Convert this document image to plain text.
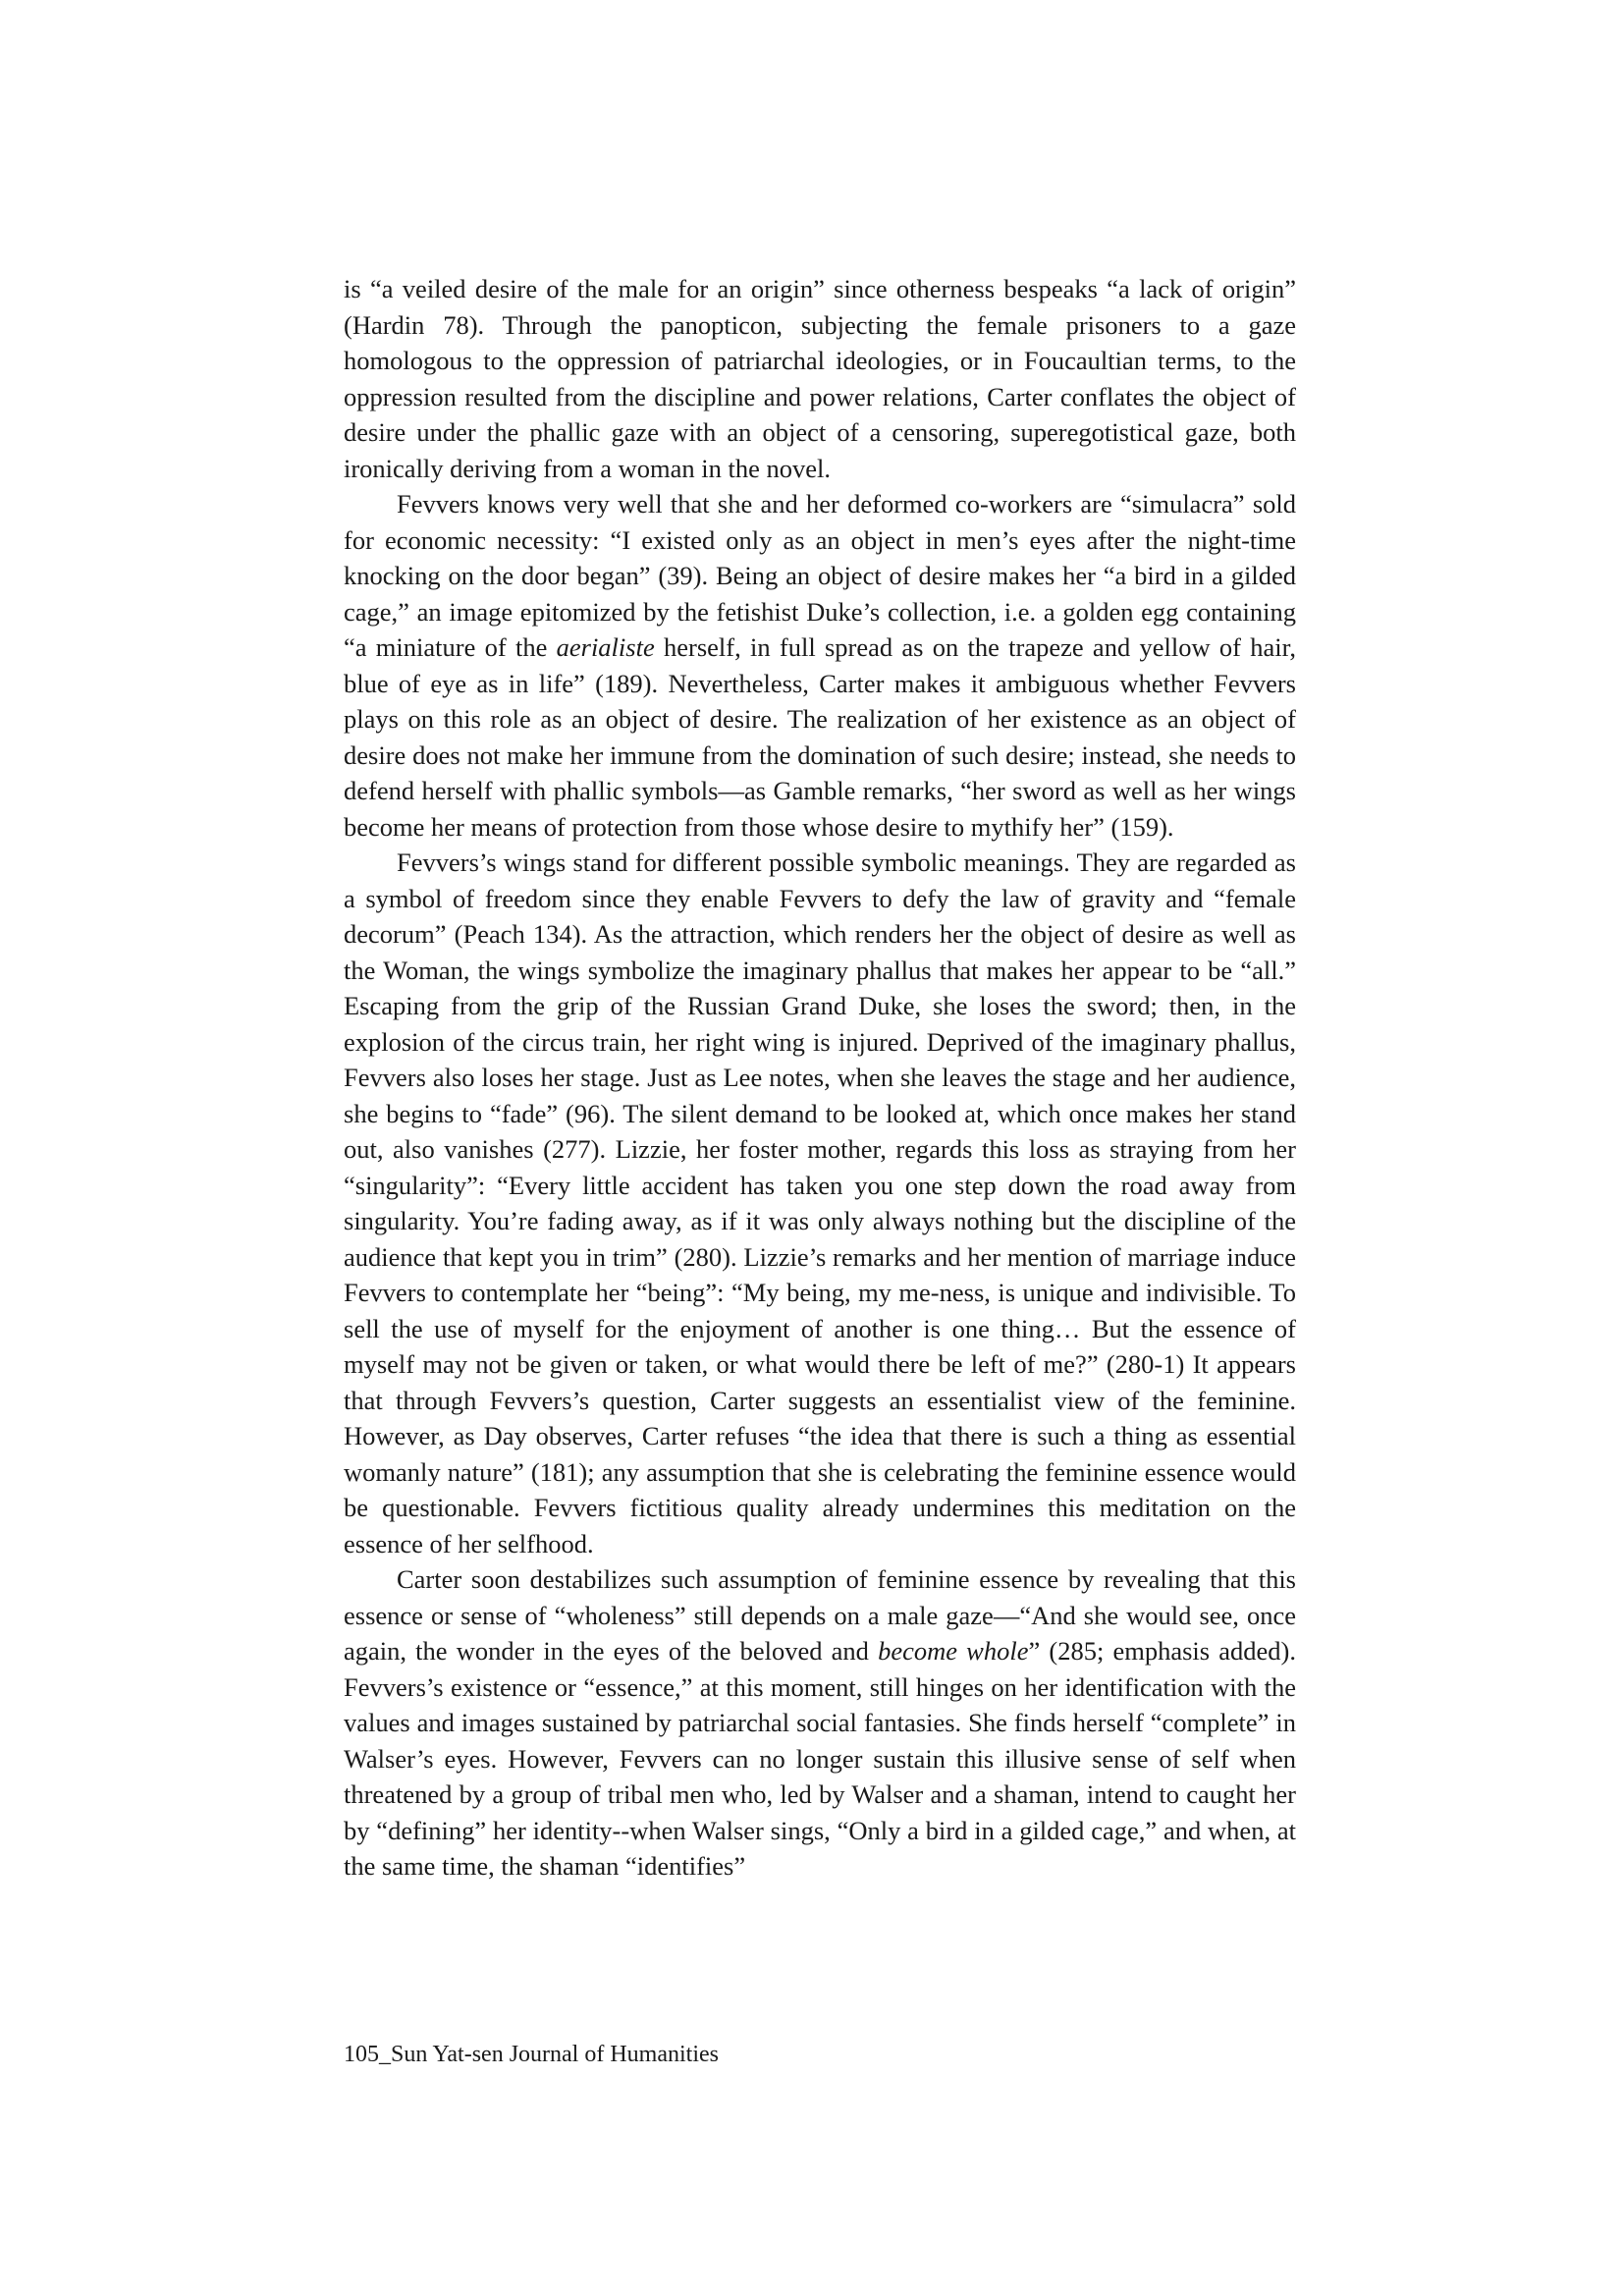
is “a veiled desire of the male for an origin” since otherness bespeaks “a lack of origin” (Hardin 78). Through the panopticon, subjecting the female prisoners to a gaze homologous to the oppression of patriarchal ideologies, or in Foucaultian terms, to the oppression resulted from the discipline and power relations, Carter conflates the object of desire under the phallic gaze with an object of a censoring, superegotistical gaze, both ironically deriving from a woman in the novel.

Fevvers knows very well that she and her deformed co-workers are “simulacra” sold for economic necessity: “I existed only as an object in men’s eyes after the night-time knocking on the door began” (39). Being an object of desire makes her “a bird in a gilded cage,” an image epitomized by the fetishist Duke’s collection, i.e. a golden egg containing “a miniature of the aerialiste herself, in full spread as on the trapeze and yellow of hair, blue of eye as in life” (189). Nevertheless, Carter makes it ambiguous whether Fevvers plays on this role as an object of desire. The realization of her existence as an object of desire does not make her immune from the domination of such desire; instead, she needs to defend herself with phallic symbols—as Gamble remarks, “her sword as well as her wings become her means of protection from those whose desire to mythify her” (159).

Fevvers’s wings stand for different possible symbolic meanings. They are regarded as a symbol of freedom since they enable Fevvers to defy the law of gravity and “female decorum” (Peach 134). As the attraction, which renders her the object of desire as well as the Woman, the wings symbolize the imaginary phallus that makes her appear to be “all.” Escaping from the grip of the Russian Grand Duke, she loses the sword; then, in the explosion of the circus train, her right wing is injured. Deprived of the imaginary phallus, Fevvers also loses her stage. Just as Lee notes, when she leaves the stage and her audience, she begins to “fade” (96). The silent demand to be looked at, which once makes her stand out, also vanishes (277). Lizzie, her foster mother, regards this loss as straying from her “singularity”: “Every little accident has taken you one step down the road away from singularity. You’re fading away, as if it was only always nothing but the discipline of the audience that kept you in trim” (280). Lizzie’s remarks and her mention of marriage induce Fevvers to contemplate her “being”: “My being, my me-ness, is unique and indivisible. To sell the use of myself for the enjoyment of another is one thing… But the essence of myself may not be given or taken, or what would there be left of me?” (280-1) It appears that through Fevvers’s question, Carter suggests an essentialist view of the feminine. However, as Day observes, Carter refuses “the idea that there is such a thing as essential womanly nature” (181); any assumption that she is celebrating the feminine essence would be questionable. Fevvers fictitious quality already undermines this meditation on the essence of her selfhood.

Carter soon destabilizes such assumption of feminine essence by revealing that this essence or sense of “wholeness” still depends on a male gaze—“And she would see, once again, the wonder in the eyes of the beloved and become whole” (285; emphasis added). Fevvers’s existence or “essence,” at this moment, still hinges on her identification with the values and images sustained by patriarchal social fantasies. She finds herself “complete” in Walser’s eyes. However, Fevvers can no longer sustain this illusive sense of self when threatened by a group of tribal men who, led by Walser and a shaman, intend to caught her by “defining” her identity--when Walser sings, “Only a bird in a gilded cage,” and when, at the same time, the shaman “identifies”

105_Sun Yat-sen Journal of Humanities
